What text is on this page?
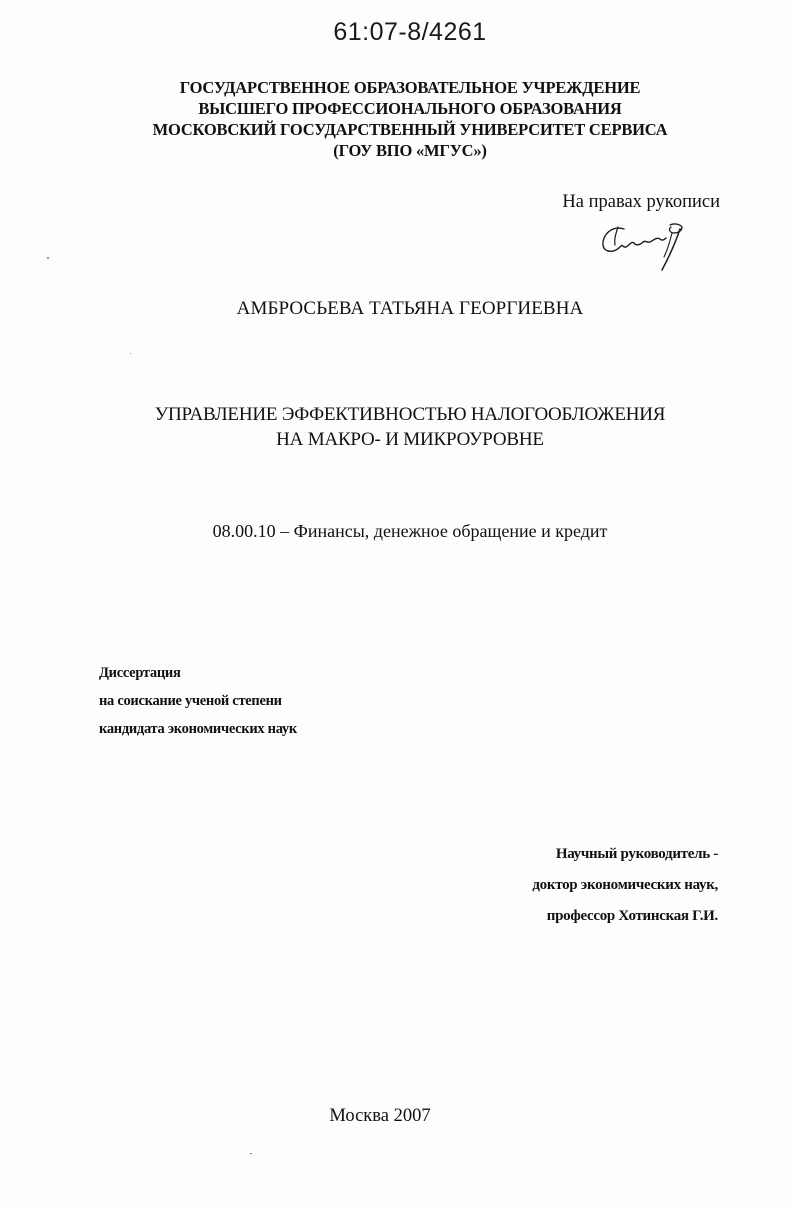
61:07-8/4261
ГОСУДАРСТВЕННОЕ ОБРАЗОВАТЕЛЬНОЕ УЧРЕЖДЕНИЕ
ВЫСШЕГО ПРОФЕССИОНАЛЬНОГО ОБРАЗОВАНИЯ
МОСКОВСКИЙ ГОСУДАРСТВЕННЫЙ УНИВЕРСИТЕТ СЕРВИСА
(ГОУ ВПО «МГУС»)
На правах рукописи
АМБРОСЬЕВА ТАТЬЯНА ГЕОРГИЕВНА
УПРАВЛЕНИЕ ЭФФЕКТИВНОСТЬЮ НАЛОГООБЛОЖЕНИЯ
НА МАКРО- И МИКРОУРОВНЕ
08.00.10 – Финансы, денежное обращение и кредит
Диссертация
на соискание ученой степени
кандидата экономических наук
Научный руководитель -
доктор экономических наук,
профессор Хотинская Г.И.
Москва 2007
